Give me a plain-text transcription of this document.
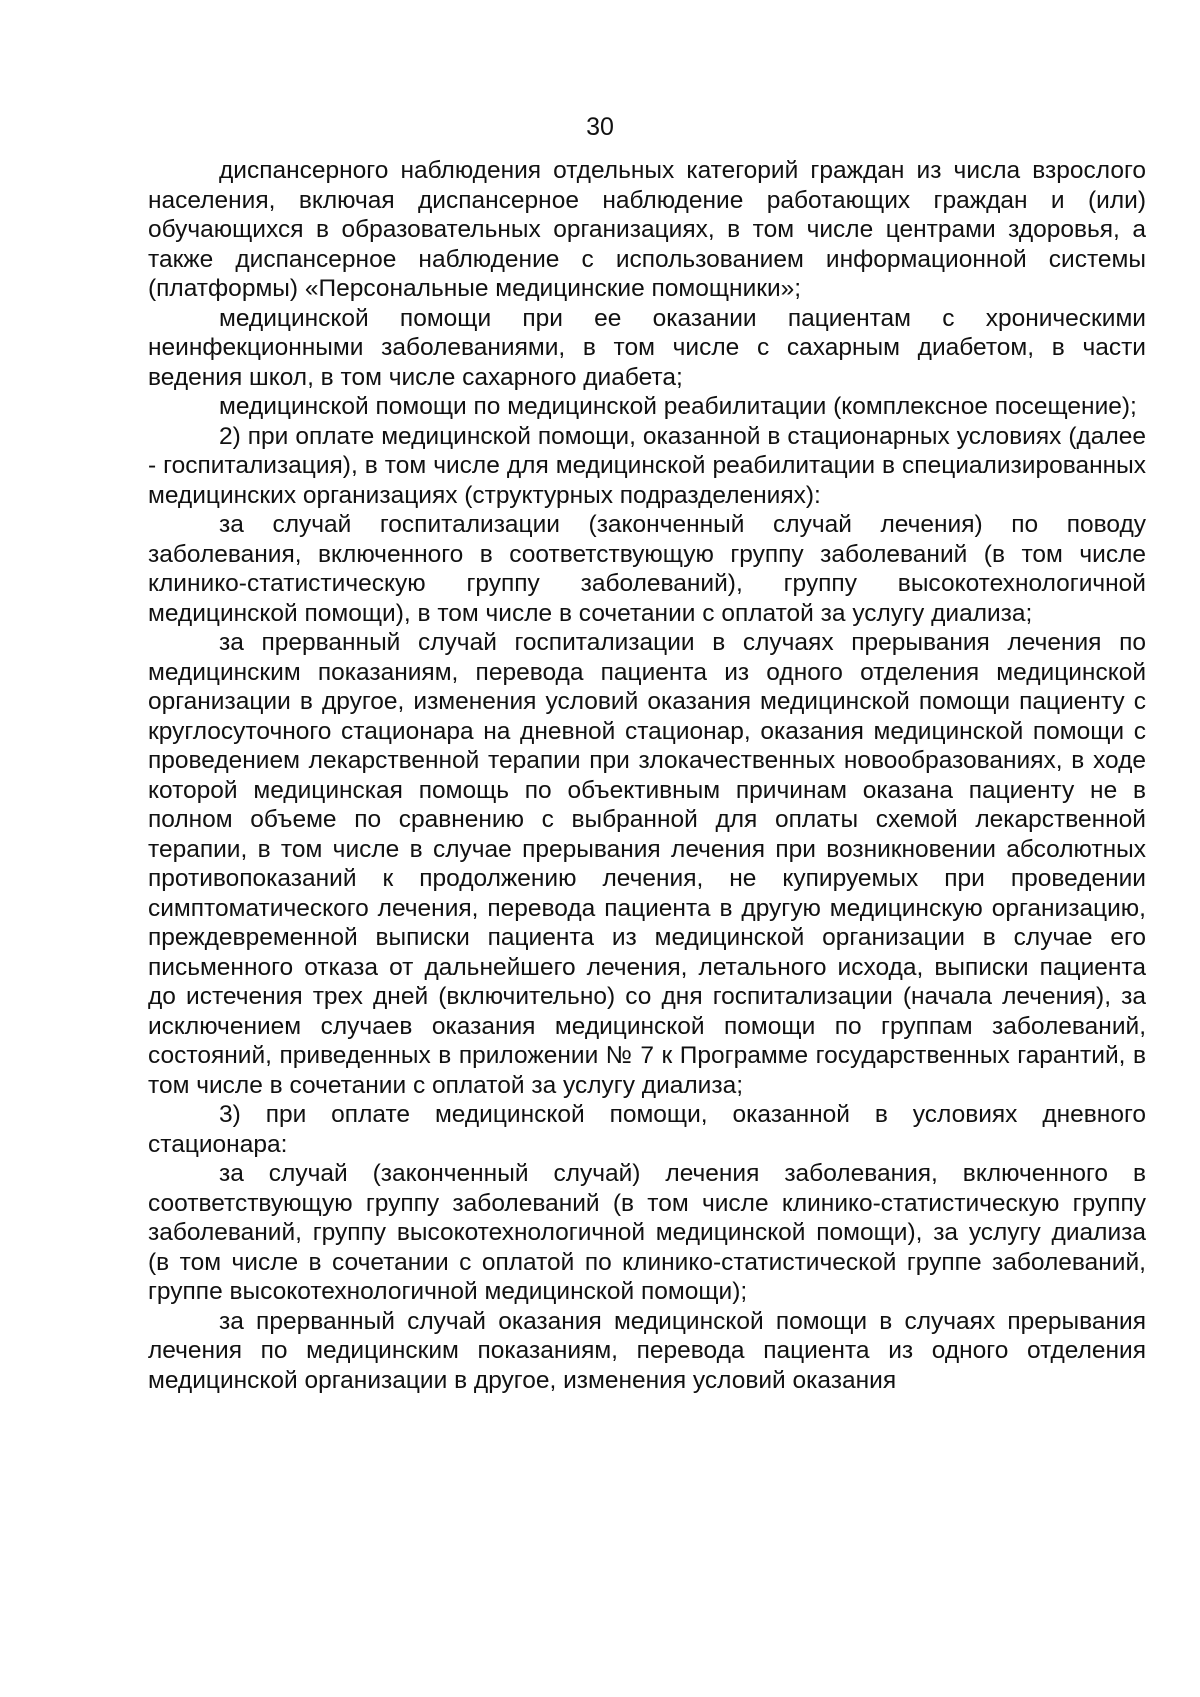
30

диспансерного наблюдения отдельных категорий граждан из числа взрослого населения, включая диспансерное наблюдение работающих граждан и (или) обучающихся в образовательных организациях, в том числе центрами здоровья, а также диспансерное наблюдение с использованием информационной системы (платформы) «Персональные медицинские помощники»;

медицинской помощи при ее оказании пациентам с хроническими неинфекционными заболеваниями, в том числе с сахарным диабетом, в части ведения школ, в том числе сахарного диабета;

медицинской помощи по медицинской реабилитации (комплексное посещение);

2) при оплате медицинской помощи, оказанной в стационарных условиях (далее - госпитализация), в том числе для медицинской реабилитации в специализированных медицинских организациях (структурных подразделениях):

за случай госпитализации (законченный случай лечения) по поводу заболевания, включенного в соответствующую группу заболеваний (в том числе клинико-статистическую группу заболеваний), группу высокотехнологичной медицинской помощи), в том числе в сочетании с оплатой за услугу диализа;

за прерванный случай госпитализации в случаях прерывания лечения по медицинским показаниям, перевода пациента из одного отделения медицинской организации в другое, изменения условий оказания медицинской помощи пациенту с круглосуточного стационара на дневной стационар, оказания медицинской помощи с проведением лекарственной терапии при злокачественных новообразованиях, в ходе которой медицинская помощь по объективным причинам оказана пациенту не в полном объеме по сравнению с выбранной для оплаты схемой лекарственной терапии, в том числе в случае прерывания лечения при возникновении абсолютных противопоказаний к продолжению лечения, не купируемых при проведении симптоматического лечения, перевода пациента в другую медицинскую организацию, преждевременной выписки пациента из медицинской организации в случае его письменного отказа от дальнейшего лечения, летального исхода, выписки пациента до истечения трех дней (включительно) со дня госпитализации (начала лечения), за исключением случаев оказания медицинской помощи по группам заболеваний, состояний, приведенных в приложении № 7 к Программе государственных гарантий, в том числе в сочетании с оплатой за услугу диализа;

3) при оплате медицинской помощи, оказанной в условиях дневного стационара:

за случай (законченный случай) лечения заболевания, включенного в соответствующую группу заболеваний (в том числе клинико-статистическую группу заболеваний, группу высокотехнологичной медицинской помощи), за услугу диализа (в том числе в сочетании с оплатой по клинико-статистической группе заболеваний, группе высокотехнологичной медицинской помощи);

за прерванный случай оказания медицинской помощи в случаях прерывания лечения по медицинским показаниям, перевода пациента из одного отделения медицинской организации в другое, изменения условий оказания
